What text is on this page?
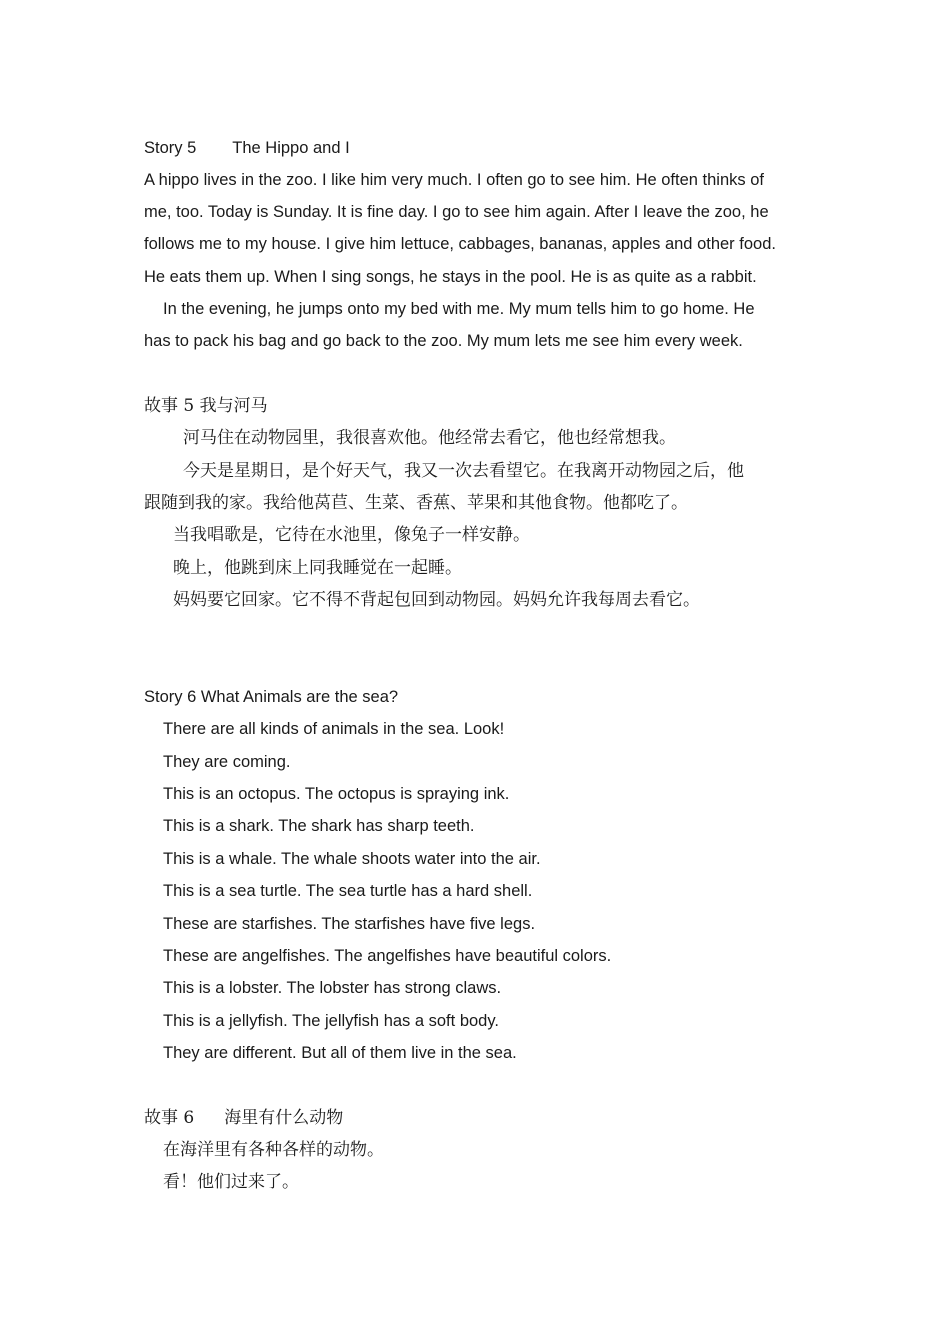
Story 5 The Hippo and I
A hippo lives in the zoo. I like him very much. I often go to see him. He often thinks of
me, too. Today is Sunday. It is fine day. I go to see him again. After I leave the zoo, he
follows me to my house. I give him lettuce, cabbages, bananas, apples and other food.
He eats them up. When I sing songs, he stays in the pool. He is as quite as a rabbit.
In the evening, he jumps onto my bed with me. My mum tells him to go home. He
has to pack his bag and go back to the zoo. My mum lets me see him every week.
故事 5 我与河马
河马住在动物园里，我很喜欢他。他经常去看它，他也经常想我。
今天是星期日，是个好天气，我又一次去看望它。在我离开动物园之后，他
跟随到我的家。我给他莴苣、生菜、香蕉、苹果和其他食物。他都吃了。
当我唱歌是，它待在水池里，像兔子一样安静。
晚上，他跳到床上同我睡觉在一起睡。
妈妈要它回家。它不得不背起包回到动物园。妈妈允许我每周去看它。
Story 6 What Animals are the sea?
There are all kinds of animals in the sea. Look!
They are coming.
This is an octopus. The octopus is spraying ink.
This is a shark. The shark has sharp teeth.
This is a whale. The whale shoots water into the air.
This is a sea turtle. The sea turtle has a hard shell.
These are starfishes. The starfishes have five legs.
These are angelfishes. The angelfishes have beautiful colors.
This is a lobster. The lobster has strong claws.
This is a jellyfish. The jellyfish has a soft body.
They are different. But all of them live in the sea.
故事 6 海里有什么动物
在海洋里有各种各样的动物。
看！他们过来了。
